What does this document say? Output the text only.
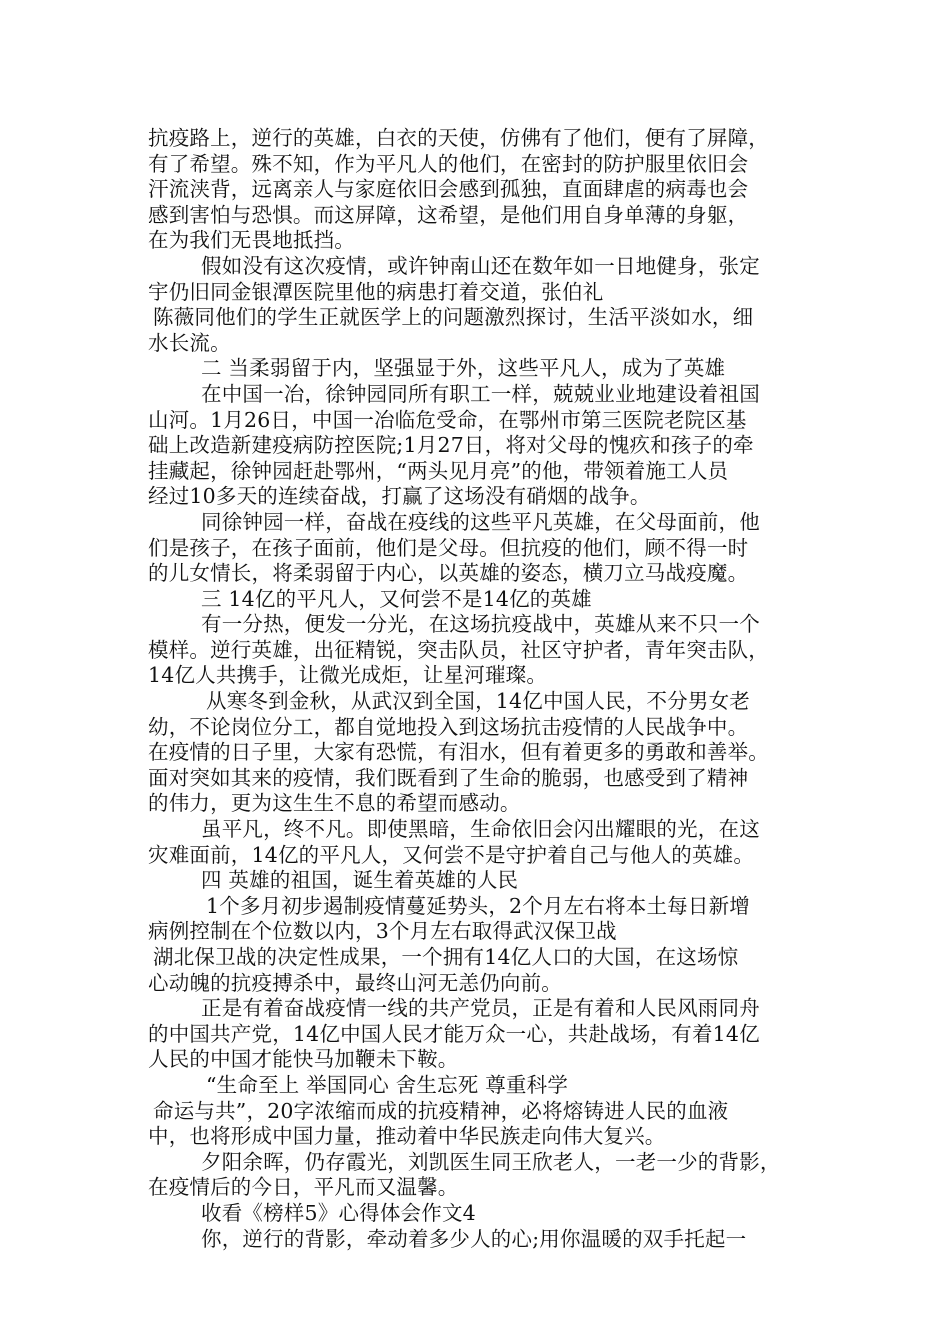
抗疫路上，逆行的英雄，白衣的天使，仿佛有了他们，便有了屏障，
有了希望。殊不知，作为平凡人的他们，在密封的防护服里依旧会
汗流浃背，远离亲人与家庭依旧会感到孤独，直面肆虐的病毒也会
感到害怕与恐惧。而这屏障，这希望，是他们用自身单薄的身躯，
在为我们无畏地抵挡。
假如没有这次疫情，或许钟南山还在数年如一日地健身，张定
宇仍旧同金银潭医院里他的病患打着交道，张伯礼
陈薇同他们的学生正就医学上的问题激烈探讨，生活平淡如水，细
水长流。
二 当柔弱留于内，坚强显于外，这些平凡人，成为了英雄
在中国一冶，徐钟园同所有职工一样，兢兢业业地建设着祖国
山河。1月26日，中国一冶临危受命，在鄂州市第三医院老院区基
础上改造新建疫病防控医院;1月27日，将对父母的愧疚和孩子的牵
挂藏起，徐钟园赶赴鄂州，“两头见月亮”的他，带领着施工人员
经过10多天的连续奋战，打赢了这场没有硝烟的战争。
同徐钟园一样，奋战在疫线的这些平凡英雄，在父母面前，他
们是孩子，在孩子面前，他们是父母。但抗疫的他们，顾不得一时
的儿女情长，将柔弱留于内心，以英雄的姿态，横刀立马战疫魔。
三 14亿的平凡人，又何尝不是14亿的英雄
有一分热，便发一分光，在这场抗疫战中，英雄从来不只一个
模样。逆行英雄，出征精锐，突击队员，社区守护者，青年突击队，
14亿人共携手，让微光成炬，让星河璀璨。
从寒冬到金秋，从武汉到全国，14亿中国人民，不分男女老
幼，不论岗位分工，都自觉地投入到这场抗击疫情的人民战争中。
在疫情的日子里，大家有恐慌，有泪水，但有着更多的勇敢和善举。
面对突如其来的疫情，我们既看到了生命的脆弱，也感受到了精神
的伟力，更为这生生不息的希望而感动。
虽平凡，终不凡。即使黑暗，生命依旧会闪出耀眼的光，在这
灾难面前，14亿的平凡人，又何尝不是守护着自己与他人的英雄。
四 英雄的祖国，诞生着英雄的人民
1个多月初步遏制疫情蔓延势头，2个月左右将本土每日新增
病例控制在个位数以内，3个月左右取得武汉保卫战
湖北保卫战的决定性成果，一个拥有14亿人口的大国，在这场惊
心动魄的抗疫搏杀中，最终山河无恙仍向前。
正是有着奋战疫情一线的共产党员，正是有着和人民风雨同舟
的中国共产党，14亿中国人民才能万众一心，共赴战场，有着14亿
人民的中国才能快马加鞭未下鞍。
“生命至上 举国同心 舍生忘死 尊重科学
命运与共”，20字浓缩而成的抗疫精神，必将熔铸进人民的血液
中，也将形成中国力量，推动着中华民族走向伟大复兴。
夕阳余晖，仍存霞光，刘凯医生同王欣老人，一老一少的背影，
在疫情后的今日，平凡而又温馨。
收看《榜样5》心得体会作文4
你，逆行的背影，牵动着多少人的心;用你温暖的双手托起一
